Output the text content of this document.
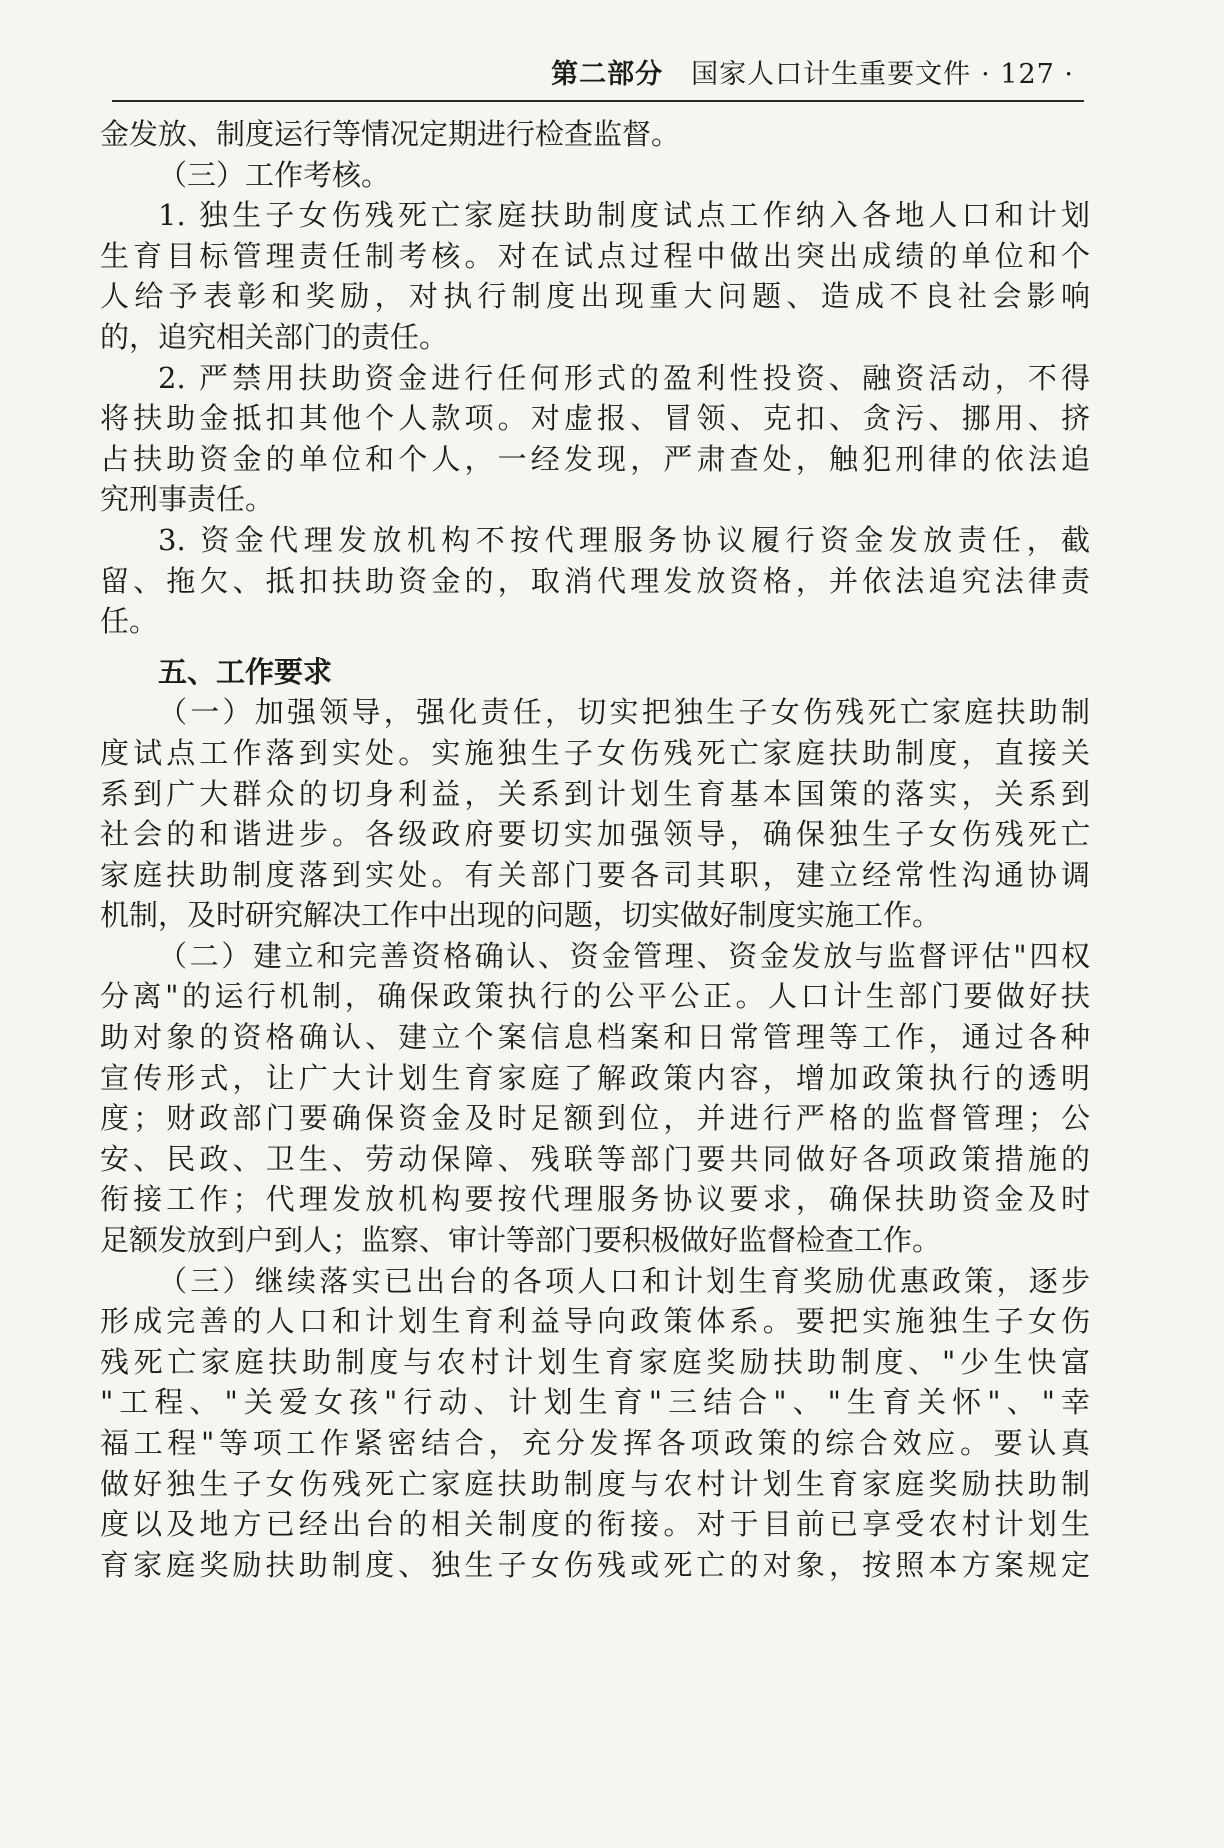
第二部分 国家人口计生重要文件 · 127 ·
金发放、制度运行等情况定期进行检查监督。
（三）工作考核。
1. 独生子女伤残死亡家庭扶助制度试点工作纳入各地人口和计划
生育目标管理责任制考核。对在试点过程中做出突出成绩的单位和个
人给予表彰和奖励，对执行制度出现重大问题、造成不良社会影响
的，追究相关部门的责任。
2. 严禁用扶助资金进行任何形式的盈利性投资、融资活动，不得
将扶助金抵扣其他个人款项。对虚报、冒领、克扣、贪污、挪用、挤
占扶助资金的单位和个人，一经发现，严肃查处，触犯刑律的依法追
究刑事责任。
3. 资金代理发放机构不按代理服务协议履行资金发放责任，截
留、拖欠、抵扣扶助资金的，取消代理发放资格，并依法追究法律责
任。
五、工作要求
（一）加强领导，强化责任，切实把独生子女伤残死亡家庭扶助制
度试点工作落到实处。实施独生子女伤残死亡家庭扶助制度，直接关
系到广大群众的切身利益，关系到计划生育基本国策的落实，关系到
社会的和谐进步。各级政府要切实加强领导，确保独生子女伤残死亡
家庭扶助制度落到实处。有关部门要各司其职，建立经常性沟通协调
机制，及时研究解决工作中出现的问题，切实做好制度实施工作。
（二）建立和完善资格确认、资金管理、资金发放与监督评估"四权
分离"的运行机制，确保政策执行的公平公正。人口计生部门要做好扶
助对象的资格确认、建立个案信息档案和日常管理等工作，通过各种
宣传形式，让广大计划生育家庭了解政策内容，增加政策执行的透明
度；财政部门要确保资金及时足额到位，并进行严格的监督管理；公
安、民政、卫生、劳动保障、残联等部门要共同做好各项政策措施的
衔接工作；代理发放机构要按代理服务协议要求，确保扶助资金及时
足额发放到户到人；监察、审计等部门要积极做好监督检查工作。
（三）继续落实已出台的各项人口和计划生育奖励优惠政策，逐步
形成完善的人口和计划生育利益导向政策体系。要把实施独生子女伤
残死亡家庭扶助制度与农村计划生育家庭奖励扶助制度、"少生快富
"工程、"关爱女孩"行动、计划生育"三结合"、"生育关怀"、"幸
福工程"等项工作紧密结合，充分发挥各项政策的综合效应。要认真
做好独生子女伤残死亡家庭扶助制度与农村计划生育家庭奖励扶助制
度以及地方已经出台的相关制度的衔接。对于目前已享受农村计划生
育家庭奖励扶助制度、独生子女伤残或死亡的对象，按照本方案规定
